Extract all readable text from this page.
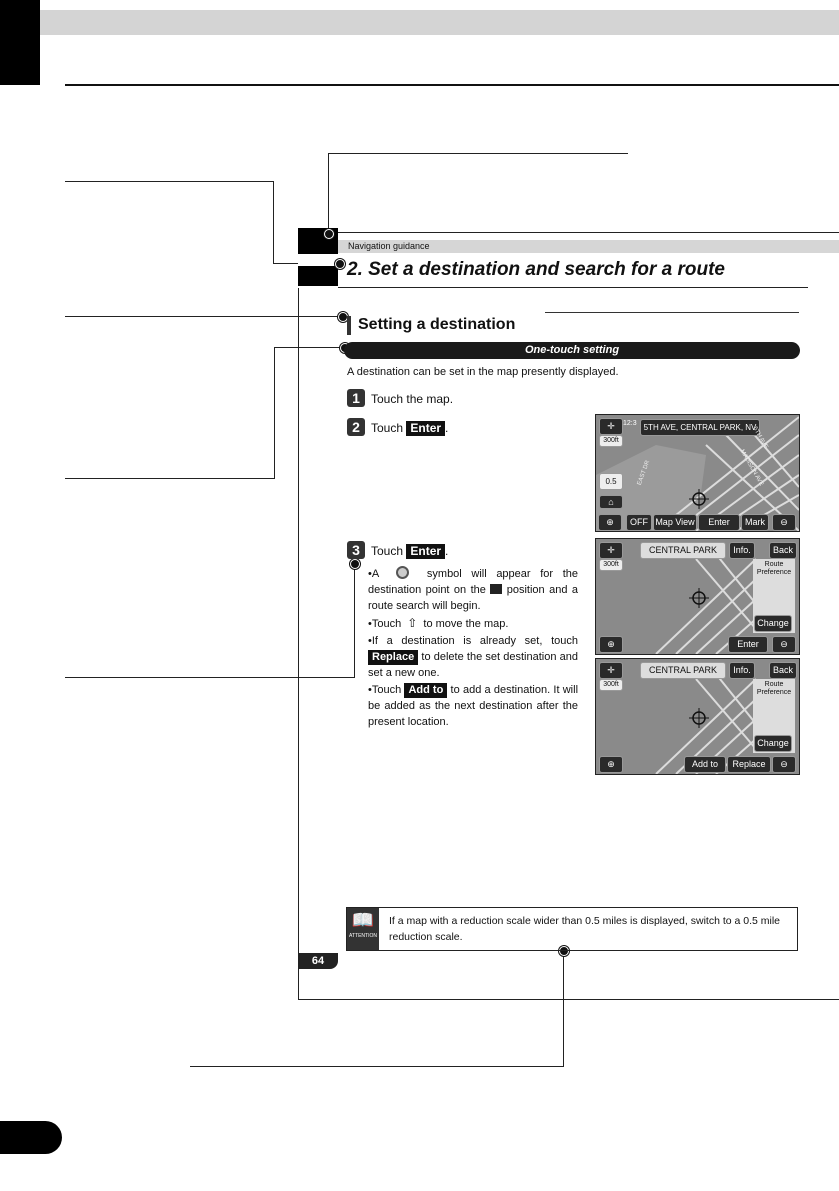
Navigation guidance
2. Set a destination and search for a route
Setting a destination
One-touch setting
A destination can be set in the map presently displayed.
1 Touch the map.
2 Touch Enter .
3 Touch Enter .
•A	symbol will appear for the destination point on the position and a route search will begin.
•Touch ⇧ to move the map.
•If a destination is already set, touch Replace to delete the set destination and set a new one.
•Touch Add to to add a destination. It will be added as the next destination after the present location.
5TH AVE, CENTRAL PARK, NV
300ft
✛	12:3
0.5
⌂
⊕	OFF Map View	Enter	Mark	⊖
5TH AVE
EAST DR	MADISON AVE
✛
300ft
CENTRAL PARK	Info.	Back
Route Preference
Change
⊕	Enter	⊖
✛
300ft
CENTRAL PARK	Info.	Back
Route Preference
Change
⊕	Add to	Replace	⊖
📖
ATTENTION
If a map with a reduction scale wider than 0.5 miles is displayed, switch to a 0.5 mile reduction scale.
64
